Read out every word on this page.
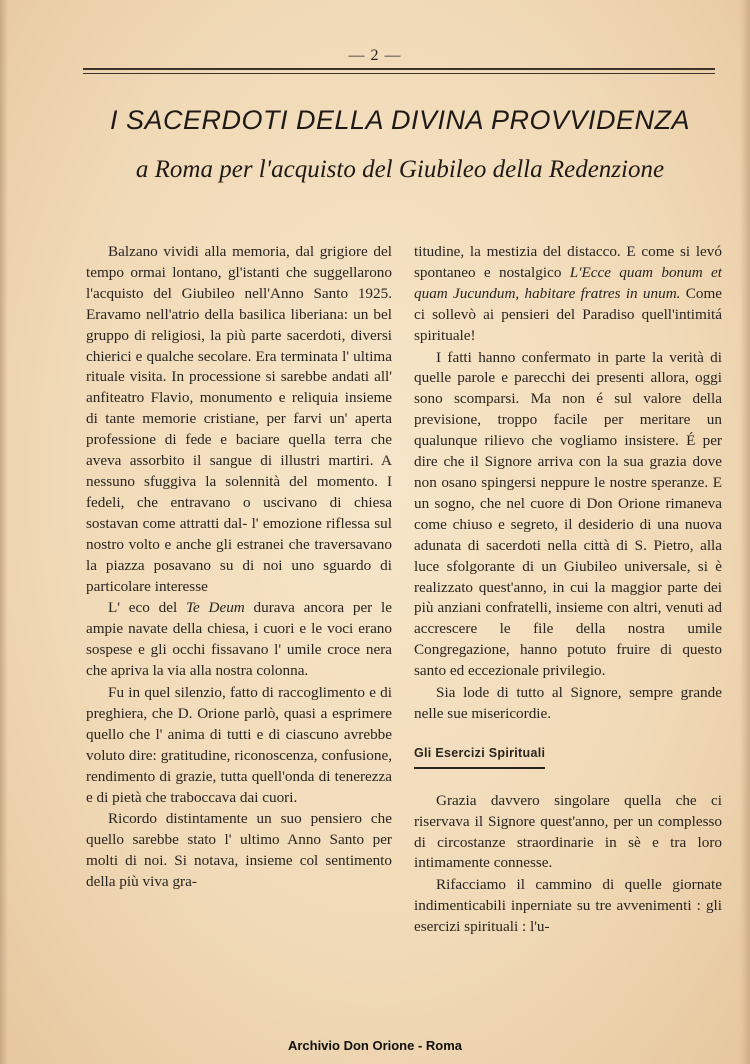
— 2 —
I SACERDOTI DELLA DIVINA PROVVIDENZA
a Roma per l'acquisto del Giubileo della Redenzione

Balzano vividi alla memoria, dal grigiore del tempo ormai lontano, gl'istanti che suggellarono l'acquisto del Giubileo nell'Anno Santo 1925. Eravamo nell'atrio della basilica liberiana: un bel gruppo di religiosi, la più parte sacerdoti, diversi chierici e qualche secolare. Era terminata l' ultima rituale visita. In processione si sarebbe andati all' anfiteatro Flavio, monumento e reliquia insieme di tante memorie cristiane, per farvi un' aperta professione di fede e baciare quella terra che aveva assorbito il sangue di illustri martiri. A nessuno sfuggiva la solennità del momento. I fedeli, che entravano o uscivano di chiesa sostavan come attratti dal- l' emozione riflessa sul nostro volto e anche gli estranei che traversavano la piazza posavano su di noi uno sguardo di particolare interesse

L' eco del Te Deum durava ancora per le ampie navate della chiesa, i cuori e le voci erano sospese e gli occhi fissavano l' umile croce nera che apriva la via alla nostra colonna.

Fu in quel silenzio, fatto di raccoglimento e di preghiera, che D. Orione parlò, quasi a esprimere quello che l' anima di tutti e di ciascuno avrebbe voluto dire: gratitudine, riconoscenza, confusione, rendimento di grazie, tutta quell'onda di tenerezza e di pietà che traboccava dai cuori.

Ricordo distintamente un suo pensiero che quello sarebbe stato l' ultimo Anno Santo per molti di noi. Si notava, insieme col sentimento della più viva gra-

titudine, la mestizia del distacco. E come si levó spontaneo e nostalgico L'Ecce quam bonum et quam Jucundum, habitare fratres in unum. Come ci sollevò ai pensieri del Paradiso quell'intimitá spirituale!

I fatti hanno confermato in parte la verità di quelle parole e parecchi dei presenti allora, oggi sono scomparsi. Ma non é sul valore della previsione, troppo facile per meritare un qualunque rilievo che vogliamo insistere. É per dire che il Signore arriva con la sua grazia dove non osano spingersi neppure le nostre speranze. E un sogno, che nel cuore di Don Orione rimaneva come chiuso e segreto, il desiderio di una nuova adunata di sacerdoti nella città di S. Pietro, alla luce sfolgorante di un Giubileo universale, si è realizzato quest'anno, in cui la maggior parte dei più anziani confratelli, insieme con altri, venuti ad accrescere le file della nostra umile Congregazione, hanno potuto fruire di questo santo ed eccezionale privilegio.

Sia lode di tutto al Signore, sempre grande nelle sue misericordie.

Gli Esercizi Spirituali

Grazia davvero singolare quella che ci riservava il Signore quest'anno, per un complesso di circostanze straordinarie in sè e tra loro intimamente connesse.

Rifacciamo il cammino di quelle giornate indimenticabili inperniate su tre avvenimenti : gli esercizi spirituali : l'u-

Archivio Don Orione - Roma
